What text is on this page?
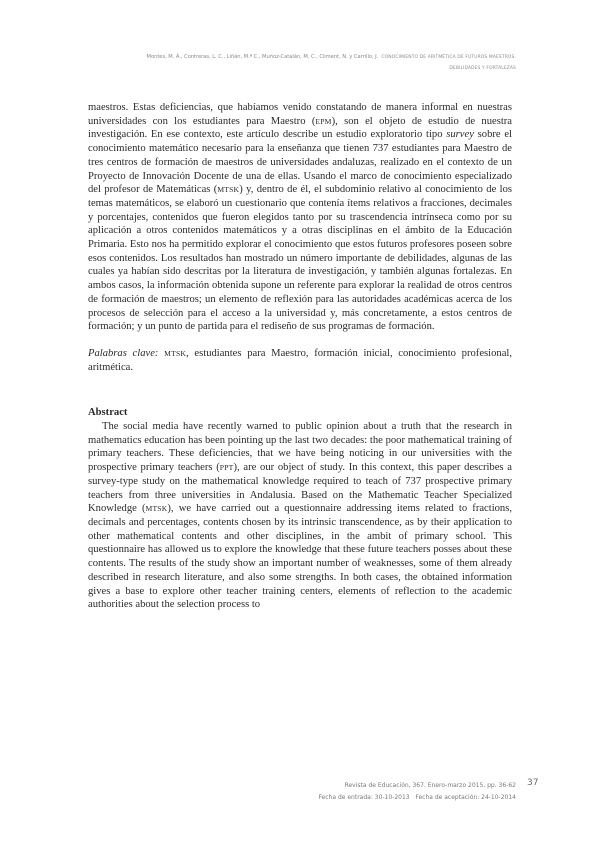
Montes, M. Á., Contreras, L. C., Liñán, M.ª C., Muñoz-Catalán, M. C., Climent, N. y Carrillo, J. CONOCIMIENTO DE ARITMÉTICA DE FUTUROS MAESTROS.
DEBILIDADES Y FORTALEZAS

maestros. Estas deficiencias, que habíamos venido constatando de manera informal en nuestras universidades con los estudiantes para Maestro (EPM), son el objeto de estudio de nuestra investigación. En ese contexto, este artículo describe un estudio exploratorio tipo survey sobre el conocimiento matemático necesario para la enseñanza que tienen 737 estudiantes para Maestro de tres centros de formación de maestros de universidades andaluzas, realizado en el contexto de un Proyecto de Innovación Docente de una de ellas. Usando el marco de conocimiento especializado del profesor de Matemáticas (MTSK) y, dentro de él, el subdominio relativo al conocimiento de los temas matemáticos, se elaboró un cuestionario que contenía ítems relativos a fracciones, decimales y porcentajes, contenidos que fueron elegidos tanto por su trascendencia intrínseca como por su aplicación a otros contenidos matemáticos y a otras disciplinas en el ámbito de la Educación Primaria. Esto nos ha permitido explorar el conocimiento que estos futuros profesores poseen sobre esos contenidos. Los resultados han mostrado un número importante de debilidades, algunas de las cuales ya habían sido descritas por la literatura de investigación, y también algunas fortalezas. En ambos casos, la información obtenida supone un referente para explorar la realidad de otros centros de formación de maestros; un elemento de reflexión para las autoridades académicas acerca de los procesos de selección para el acceso a la universidad y, más concretamente, a estos centros de formación; y un punto de partida para el rediseño de sus programas de formación.

Palabras clave: MTSK, estudiantes para Maestro, formación inicial, conocimiento profesional, aritmética.

Abstract

The social media have recently warned to public opinion about a truth that the research in mathematics education has been pointing up the last two decades: the poor mathematical training of primary teachers. These deficiencies, that we have being noticing in our universities with the prospective primary teachers (PPT), are our object of study. In this context, this paper describes a survey-type study on the mathematical knowledge required to teach of 737 prospective primary teachers from three universities in Andalusia. Based on the Mathematic Teacher Specialized Knowledge (MTSK), we have carried out a questionnaire addressing items related to fractions, decimals and percentages, contents chosen by its intrinsic transcendence, as by their application to other mathematical contents and other disciplines, in the ambit of primary school. This questionnaire has allowed us to explore the knowledge that these future teachers posses about these contents. The results of the study show an important number of weaknesses, some of them already described in research literature, and also some strengths. In both cases, the obtained information gives a base to explore other teacher training centers, elements of reflection to the academic authorities about the selection process to

Revista de Educación, 367. Enero-marzo 2015, pp. 36-62
Fecha de entrada: 30-10-2013   Fecha de aceptación: 24-10-2014
37
